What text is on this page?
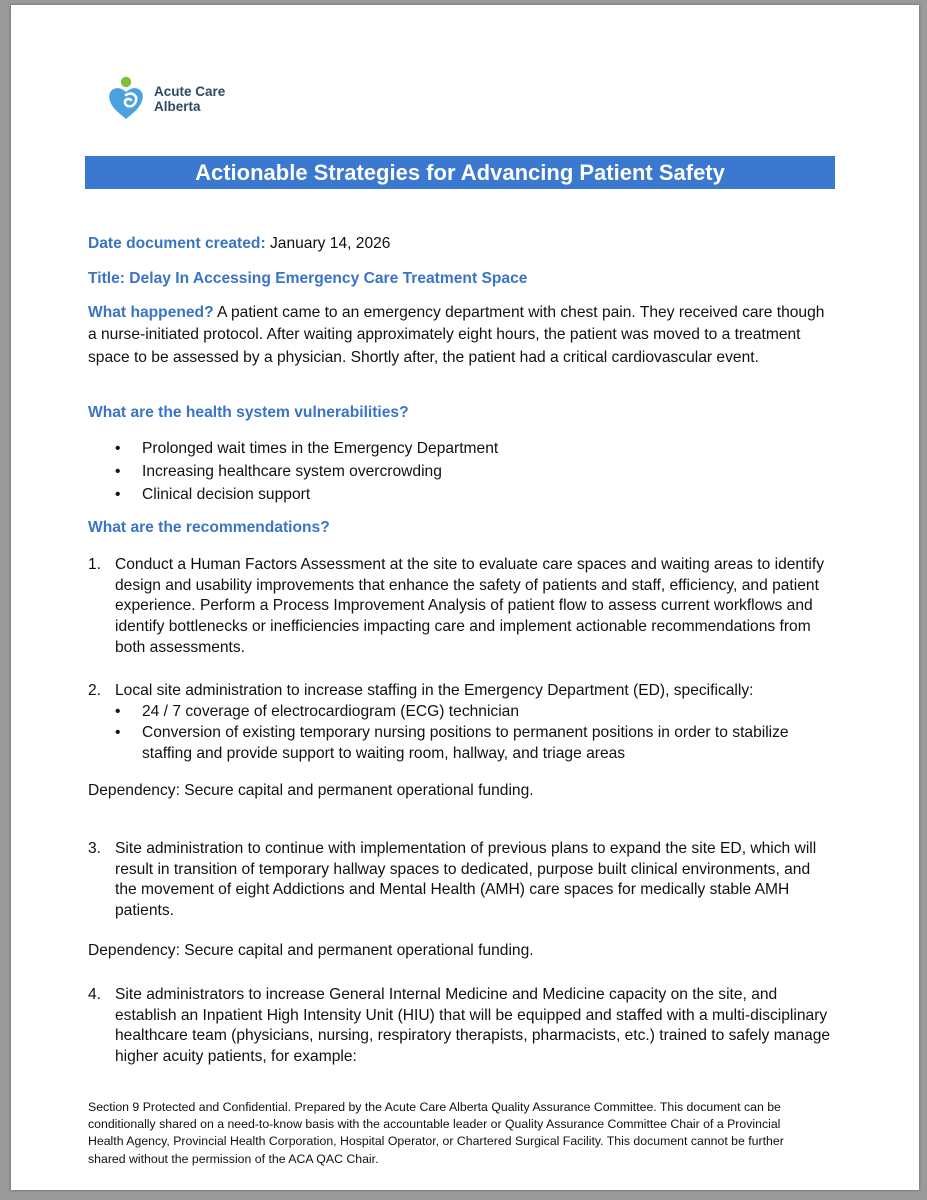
Acute Care
Alberta
Actionable Strategies for Advancing Patient Safety
Date document created: January 14, 2026
Title: Delay In Accessing Emergency Care Treatment Space
What happened? A patient came to an emergency department with chest pain. They received care though a nurse-initiated protocol. After waiting approximately eight hours, the patient was moved to a treatment space to be assessed by a physician. Shortly after, the patient had a critical cardiovascular event.
What are the health system vulnerabilities?
• Prolonged wait times in the Emergency Department
• Increasing healthcare system overcrowding
• Clinical decision support
What are the recommendations?
1. Conduct a Human Factors Assessment at the site to evaluate care spaces and waiting areas to identify design and usability improvements that enhance the safety of patients and staff, efficiency, and patient experience. Perform a Process Improvement Analysis of patient flow to assess current workflows and identify bottlenecks or inefficiencies impacting care and implement actionable recommendations from both assessments.
2. Local site administration to increase staffing in the Emergency Department (ED), specifically:
• 24 / 7 coverage of electrocardiogram (ECG) technician
• Conversion of existing temporary nursing positions to permanent positions in order to stabilize staffing and provide support to waiting room, hallway, and triage areas
Dependency: Secure capital and permanent operational funding.
3. Site administration to continue with implementation of previous plans to expand the site ED, which will result in transition of temporary hallway spaces to dedicated, purpose built clinical environments, and the movement of eight Addictions and Mental Health (AMH) care spaces for medically stable AMH patients.
Dependency: Secure capital and permanent operational funding.
4. Site administrators to increase General Internal Medicine and Medicine capacity on the site, and establish an Inpatient High Intensity Unit (HIU) that will be equipped and staffed with a multi-disciplinary healthcare team (physicians, nursing, respiratory therapists, pharmacists, etc.) trained to safely manage higher acuity patients, for example:
Section 9 Protected and Confidential. Prepared by the Acute Care Alberta Quality Assurance Committee. This document can be conditionally shared on a need-to-know basis with the accountable leader or Quality Assurance Committee Chair of a Provincial Health Agency, Provincial Health Corporation, Hospital Operator, or Chartered Surgical Facility. This document cannot be further shared without the permission of the ACA QAC Chair.
